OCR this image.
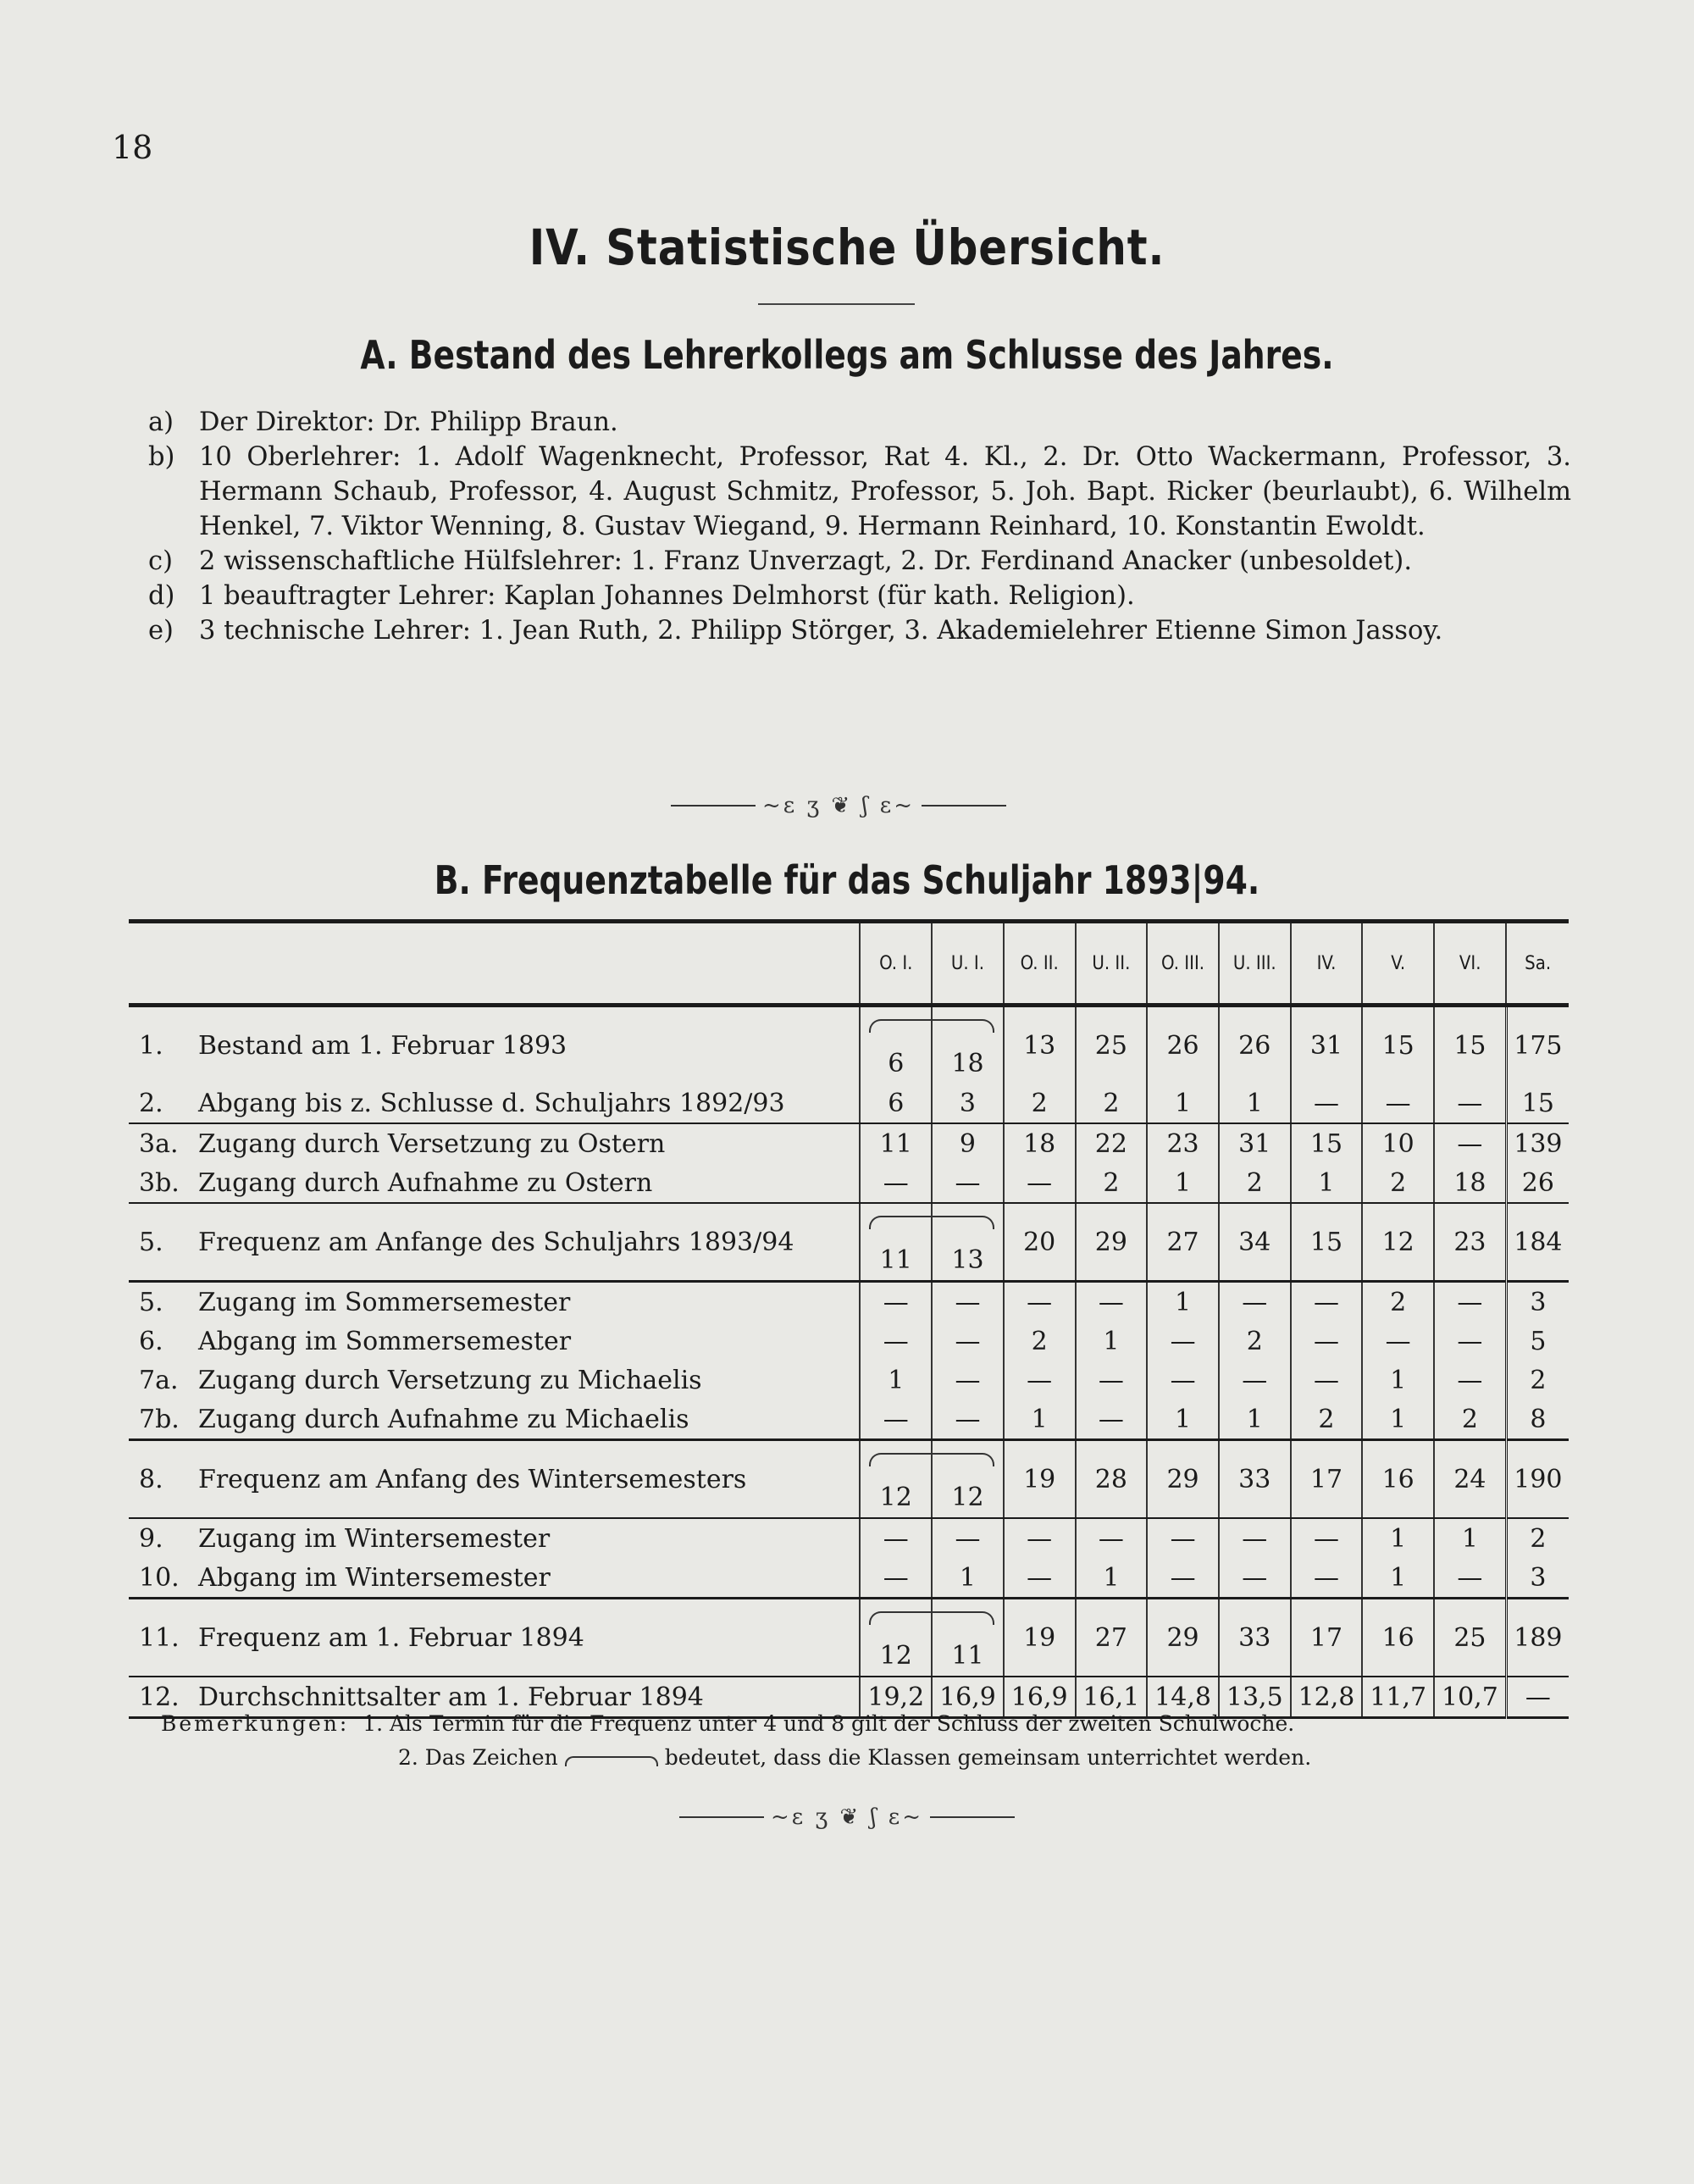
18
IV. Statistische Übersicht.
A. Bestand des Lehrerkollegs am Schlusse des Jahres.
a) Der Direktor: Dr. Philipp Braun.
b) 10 Oberlehrer: 1. Adolf Wagenknecht, Professor, Rat 4. Kl., 2. Dr. Otto Wackermann, Professor, 3. Hermann Schaub, Professor, 4. August Schmitz, Professor, 5. Joh. Bapt. Ricker (beurlaubt), 6. Wilhelm Henkel, 7. Viktor Wenning, 8. Gustav Wiegand, 9. Hermann Reinhard, 10. Konstantin Ewoldt.
c) 2 wissenschaftliche Hülfslehrer: 1. Franz Unverzagt, 2. Dr. Ferdinand Anacker (unbesoldet).
d) 1 beauftragter Lehrer: Kaplan Johannes Delmhorst (für kath. Religion).
e) 3 technische Lehrer: 1. Jean Ruth, 2. Philipp Störger, 3. Akademielehrer Etienne Simon Jassoy.
~ɛ ʒ ❦ ʃ ɛ~
B. Frequenztabelle für das Schuljahr 1893|94.
		O. I.	U. I.	O. II.	U. II.	O. III.	U. III.	IV.	V.	VI.	Sa.
1.	Bestand am 1. Februar 1893	6	18	13	25	26	26	31	15	15	175
2.	Abgang bis z. Schlusse d. Schuljahrs 1892/93	6	3	2	2	1	1	—	—	—	15
3a.	Zugang durch Versetzung zu Ostern	11	9	18	22	23	31	15	10	—	139
3b.	Zugang durch Aufnahme zu Ostern	—	—	—	2	1	2	1	2	18	26
5.	Frequenz am Anfange des Schuljahrs 1893/94	11	13	20	29	27	34	15	12	23	184
5.	Zugang im Sommersemester	—	—	—	—	1	—	—	2	—	3
6.	Abgang im Sommersemester	—	—	2	1	—	2	—	—	—	5
7a.	Zugang durch Versetzung zu Michaelis	1	—	—	—	—	—	—	1	—	2
7b.	Zugang durch Aufnahme zu Michaelis	—	—	1	—	1	1	2	1	2	8
8.	Frequenz am Anfang des Wintersemesters	12	12	19	28	29	33	17	16	24	190
9.	Zugang im Wintersemester	—	—	—	—	—	—	—	1	1	2
10.	Abgang im Wintersemester	—	1	—	1	—	—	—	1	—	3
11.	Frequenz am 1. Februar 1894	12	11	19	27	29	33	17	16	25	189
12.	Durchschnittsalter am 1. Februar 1894	19,2	16,9	16,9	16,1	14,8	13,5	12,8	11,7	10,7	—
Bemerkungen: 1. Als Termin für die Frequenz unter 4 und 8 gilt der Schluss der zweiten Schulwoche.
2. Das Zeichen	bedeutet, dass die Klassen gemeinsam unterrichtet werden.
~ɛ ʒ ❦ ʃ ɛ~
